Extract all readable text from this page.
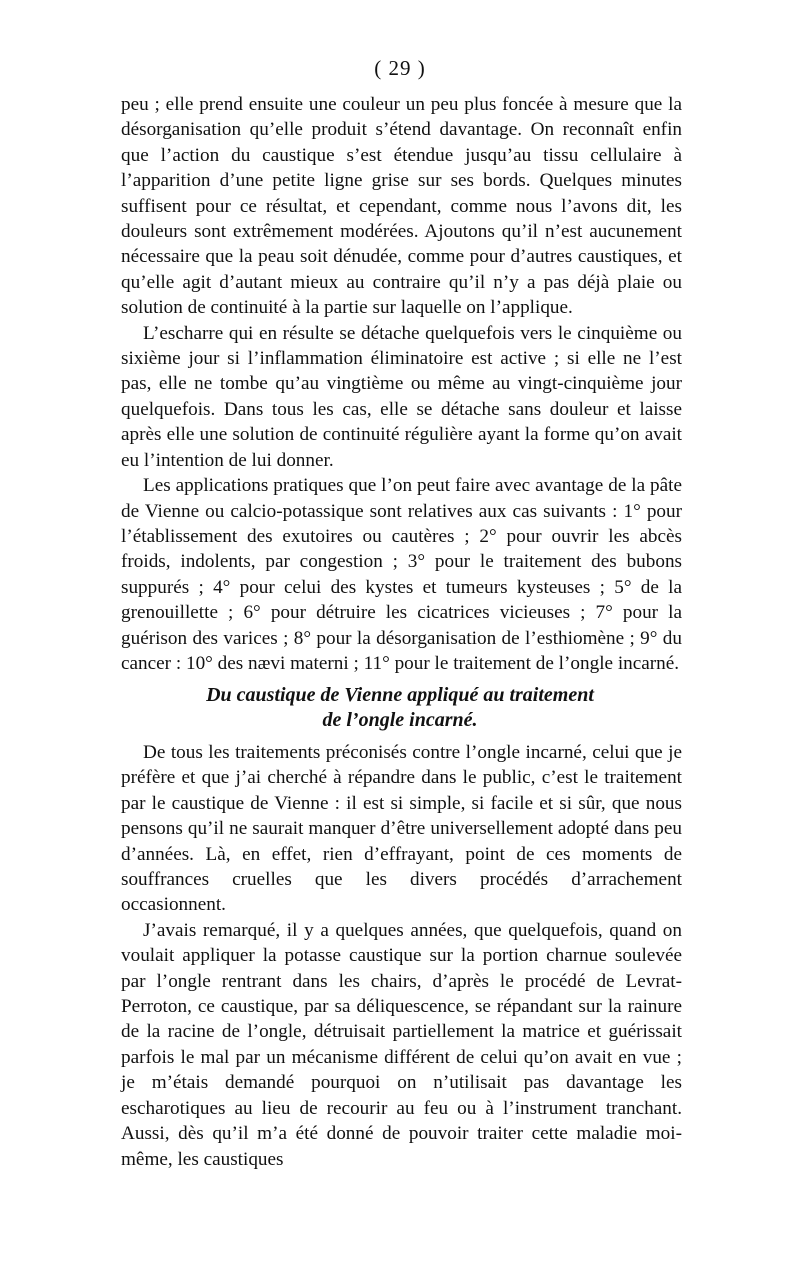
( 29 )

peu ; elle prend ensuite une couleur un peu plus foncée à mesure que la désorganisation qu’elle produit s’étend davantage. On reconnaît enfin que l’action du caustique s’est étendue jusqu’au tissu cellulaire à l’apparition d’une petite ligne grise sur ses bords. Quelques minutes suffisent pour ce résultat, et cependant, comme nous l’avons dit, les douleurs sont extrêmement modérées. Ajoutons qu’il n’est aucunement nécessaire que la peau soit dénudée, comme pour d’autres caustiques, et qu’elle agit d’autant mieux au contraire qu’il n’y a pas déjà plaie ou solution de continuité à la partie sur laquelle on l’applique.

L’escharre qui en résulte se détache quelquefois vers le cinquième ou sixième jour si l’inflammation éliminatoire est active ; si elle ne l’est pas, elle ne tombe qu’au vingtième ou même au vingt-cinquième jour quelquefois. Dans tous les cas, elle se détache sans douleur et laisse après elle une solution de continuité régulière ayant la forme qu’on avait eu l’intention de lui donner.

Les applications pratiques que l’on peut faire avec avantage de la pâte de Vienne ou calcio-potassique sont relatives aux cas suivants : 1° pour l’établissement des exutoires ou cautères ; 2° pour ouvrir les abcès froids, indolents, par congestion ; 3° pour le traitement des bubons suppurés ; 4° pour celui des kystes et tumeurs kysteuses ; 5° de la grenouillette ; 6° pour détruire les cicatrices vicieuses ; 7° pour la guérison des varices ; 8° pour la désorganisation de l’esthiomène ; 9° du cancer : 10° des nævi materni ; 11° pour le traitement de l’ongle incarné.

Du caustique de Vienne appliqué au traitement
de l’ongle incarné.

De tous les traitements préconisés contre l’ongle incarné, celui que je préfère et que j’ai cherché à répandre dans le public, c’est le traitement par le caustique de Vienne : il est si simple, si facile et si sûr, que nous pensons qu’il ne saurait manquer d’être universellement adopté dans peu d’années. Là, en effet, rien d’effrayant, point de ces moments de souffrances cruelles que les divers procédés d’arrachement occasionnent.

J’avais remarqué, il y a quelques années, que quelquefois, quand on voulait appliquer la potasse caustique sur la portion charnue soulevée par l’ongle rentrant dans les chairs, d’après le procédé de Levrat-Perroton, ce caustique, par sa déliquescence, se répandant sur la rainure de la racine de l’ongle, détruisait partiellement la matrice et guérissait parfois le mal par un mécanisme différent de celui qu’on avait en vue ; je m’étais demandé pourquoi on n’utilisait pas davantage les escharotiques au lieu de recourir au feu ou à l’instrument tranchant. Aussi, dès qu’il m’a été donné de pouvoir traiter cette maladie moi-même, les caustiques
